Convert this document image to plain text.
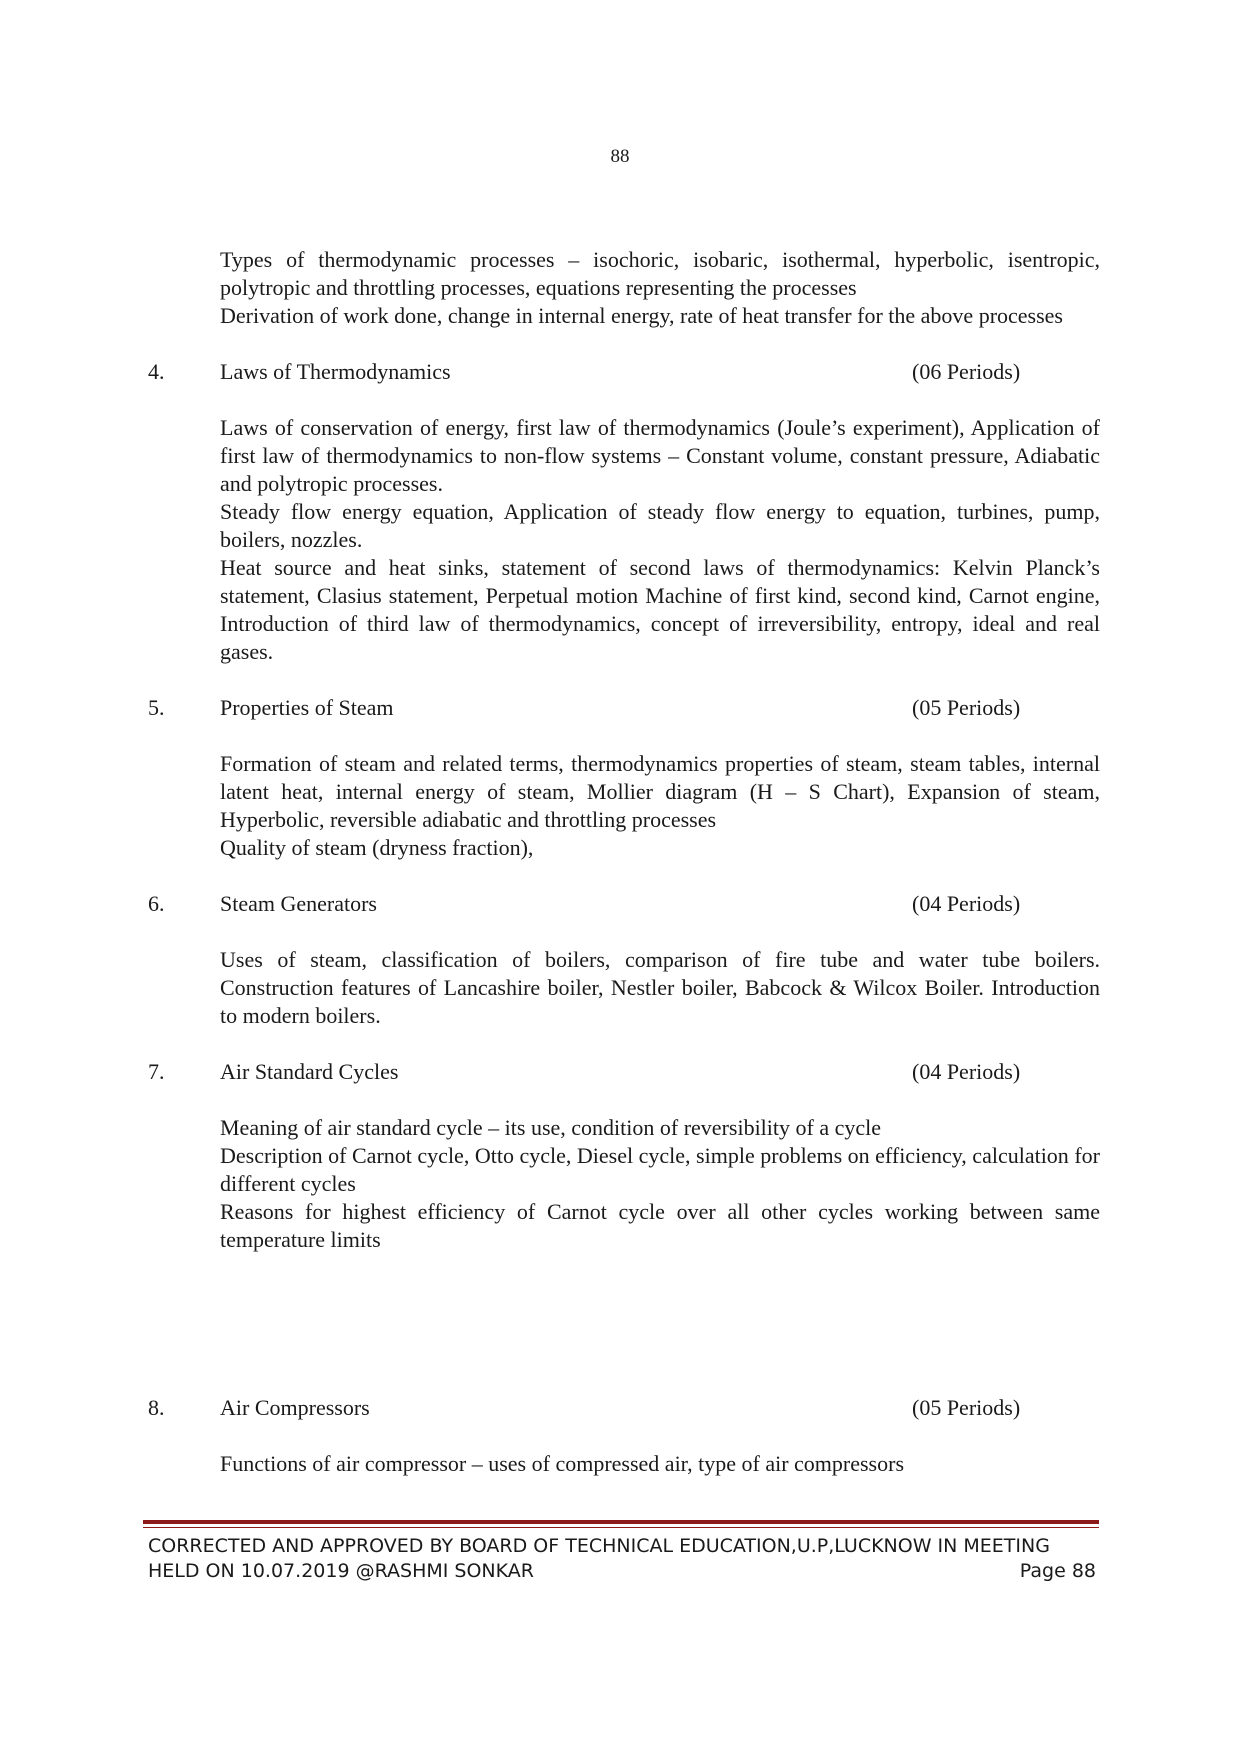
88

Types of thermodynamic processes – isochoric, isobaric, isothermal, hyperbolic, isentropic, polytropic and throttling processes, equations representing the processes

Derivation of work done, change in internal energy, rate of heat transfer for the above processes

4.	Laws of Thermodynamics	(06 Periods)

Laws of conservation of energy, first law of thermodynamics (Joule’s experiment), Application of first law of thermodynamics to non-flow systems – Constant volume, constant pressure, Adiabatic and polytropic processes.

Steady flow energy equation, Application of steady flow energy to equation, turbines, pump, boilers, nozzles.

Heat source and heat sinks, statement of second laws of thermodynamics: Kelvin Planck’s statement, Clasius statement, Perpetual motion Machine of first kind, second kind, Carnot engine, Introduction of third law of thermodynamics, concept of irreversibility, entropy, ideal and real gases.

5.	Properties of Steam	(05 Periods)

Formation of steam and related terms, thermodynamics properties of steam, steam tables, internal latent heat, internal energy of steam, Mollier diagram (H – S Chart), Expansion of steam, Hyperbolic, reversible adiabatic and throttling processes

Quality of steam (dryness fraction),

6.	Steam Generators	(04 Periods)

Uses of steam, classification of boilers, comparison of fire tube and water tube boilers. Construction features of Lancashire boiler, Nestler boiler, Babcock & Wilcox Boiler. Introduction to modern boilers.

7.	Air Standard Cycles	(04 Periods)

Meaning of air standard cycle – its use, condition of reversibility of a cycle

Description of Carnot cycle, Otto cycle, Diesel cycle, simple problems on efficiency, calculation for different cycles

Reasons for highest efficiency of Carnot cycle over all other cycles working between same temperature limits

8.	Air Compressors	(05 Periods)

Functions of air compressor – uses of compressed air, type of air compressors

CORRECTED AND APPROVED BY BOARD OF TECHNICAL EDUCATION,U.P,LUCKNOW IN MEETING
HELD ON 10.07.2019 @RASHMI SONKAR	Page 88
